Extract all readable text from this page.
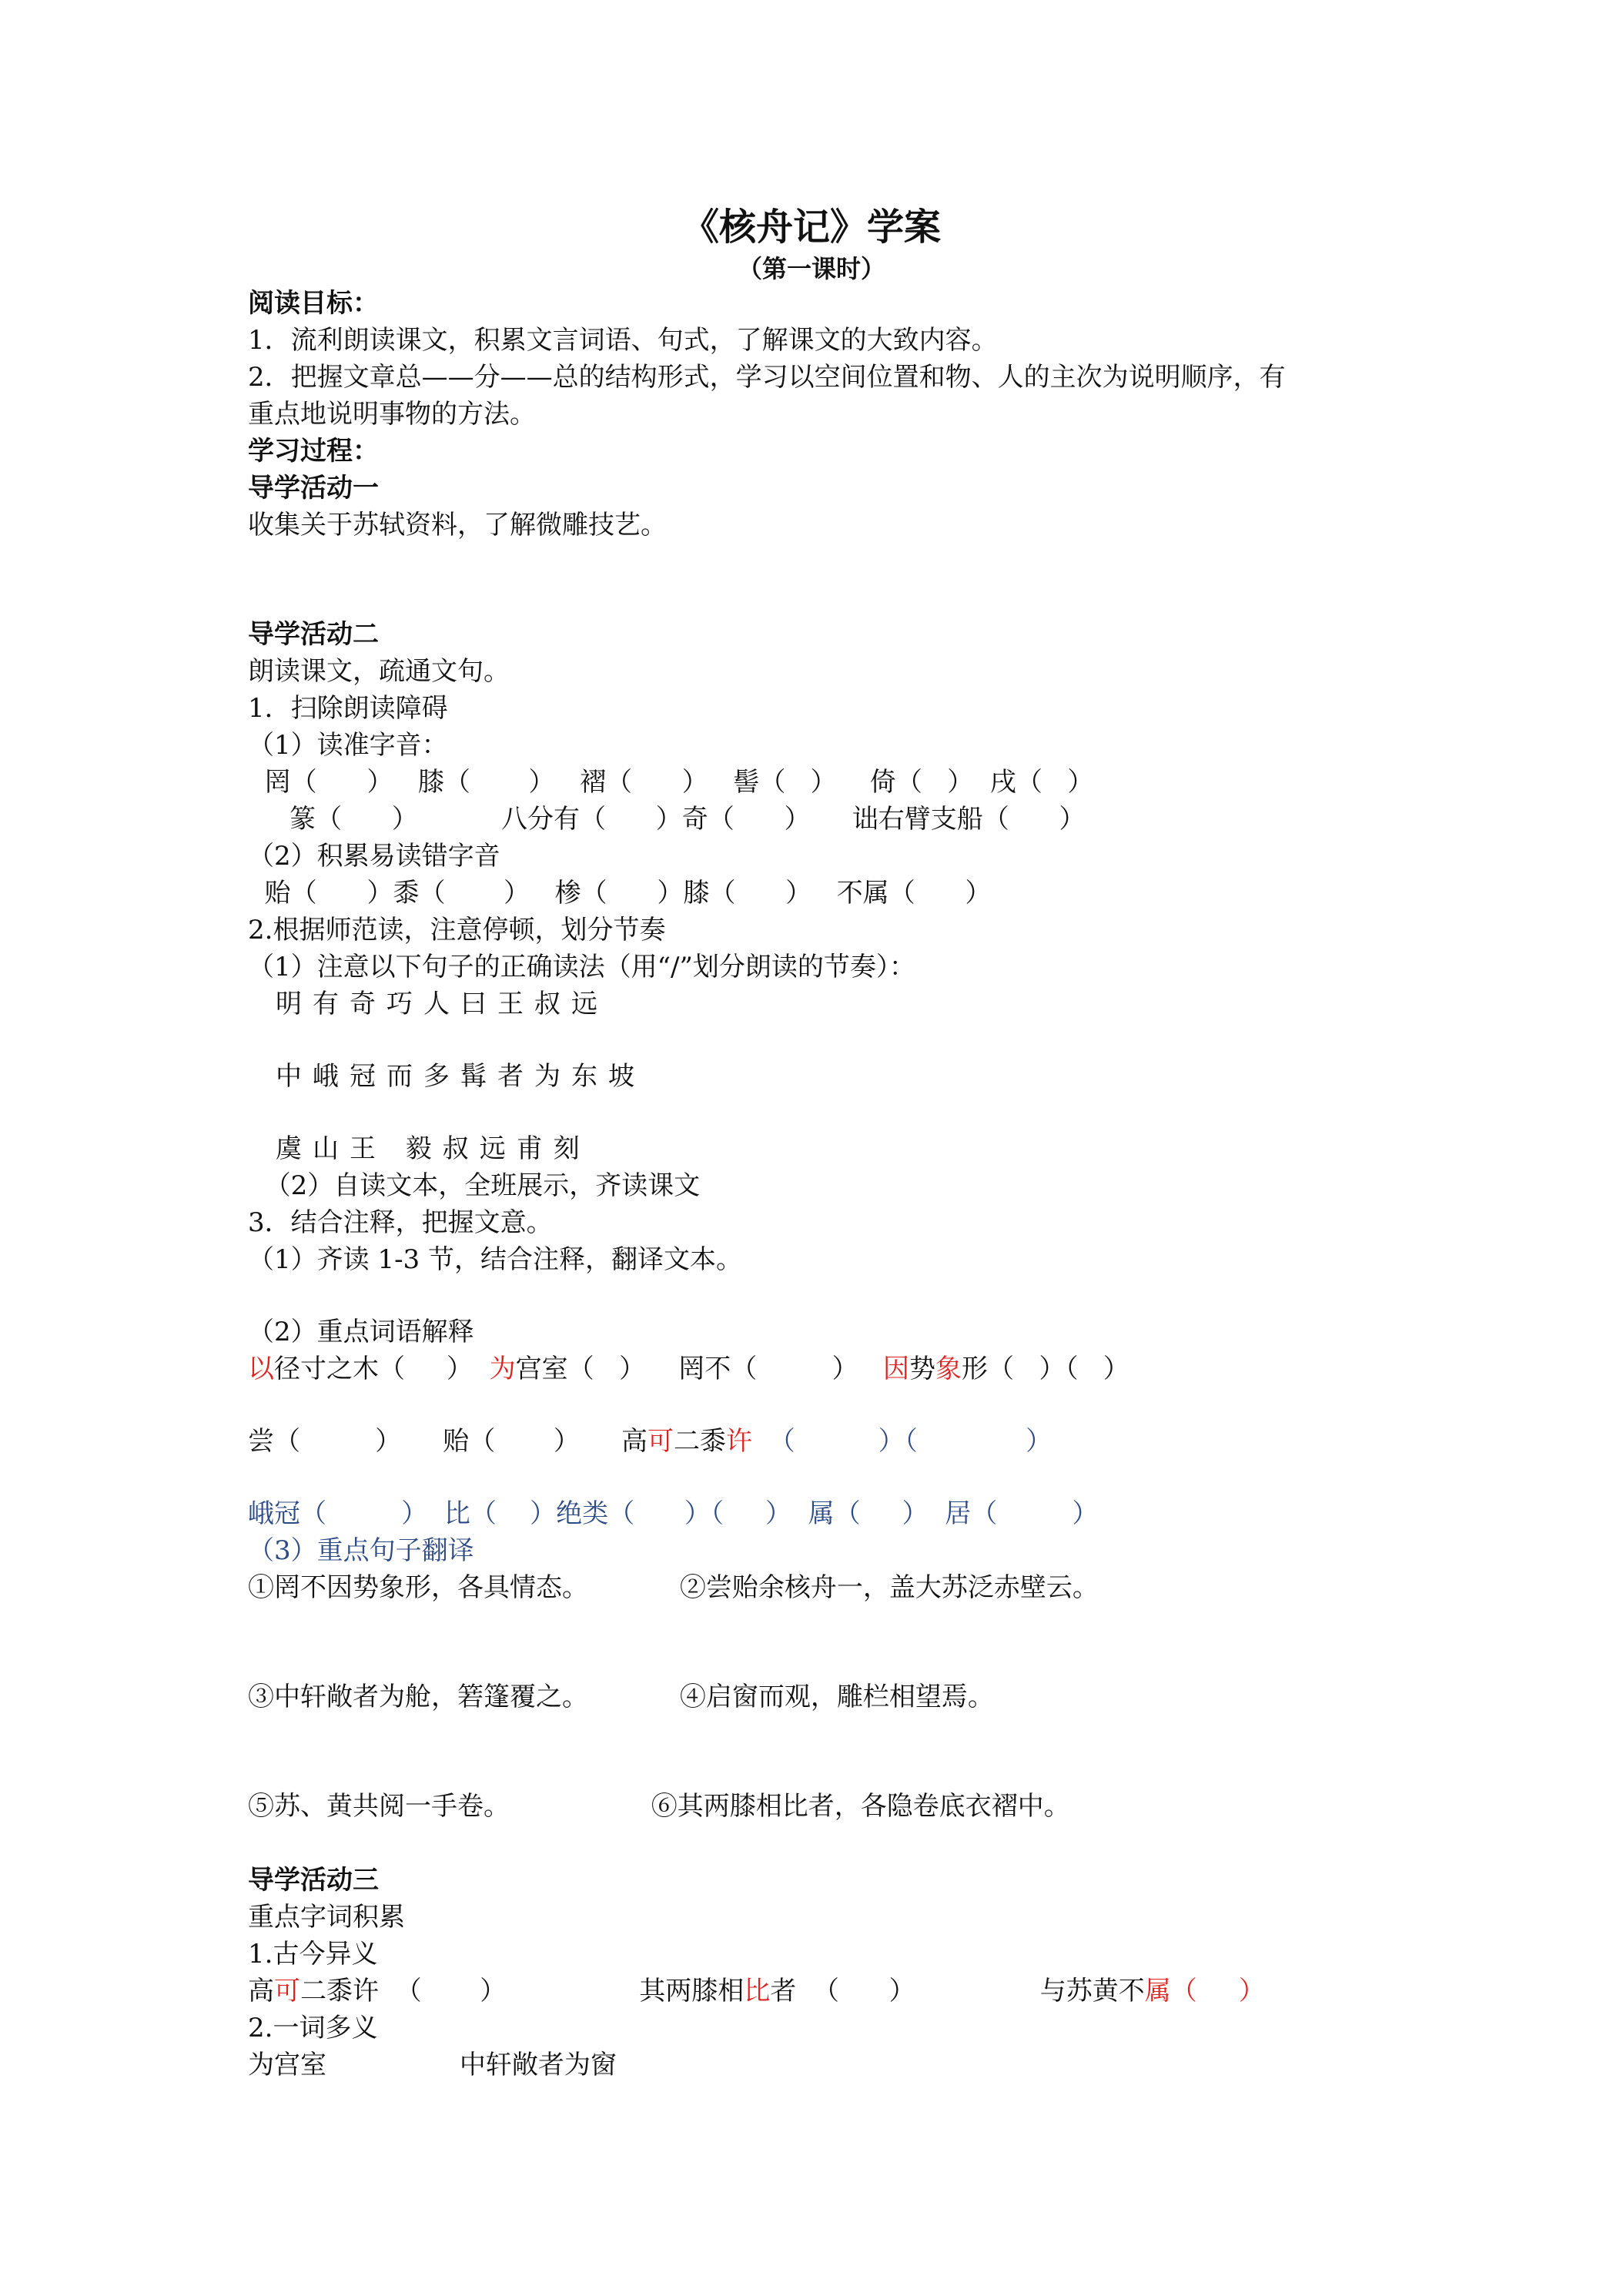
《核舟记》学案
（第一课时）
阅读目标：
1．流利朗读课文，积累文言词语、句式，了解课文的大致内容。
2．把握文章总——分——总的结构形式，学习以空间位置和物、人的主次为说明顺序，有
重点地说明事物的方法。
学习过程：
导学活动一
收集关于苏轼资料，了解微雕技艺。
导学活动二
朗读课文，疏通文句。
1．扫除朗读障碍
（1）读准字音：
罔（      ）   膝（       ）   褶（      ）   髻（   ）    倚（   ）  戌（   ）
篆（      ）          八分有（      ）奇（      ）     诎右臂支船（      ）
（2）积累易读错字音
贻（      ）黍（       ）   椮（      ）膝（      ）   不属（      ）
2.根据师范读，注意停顿，划分节奏
（1）注意以下句子的正确读法（用“/”划分朗读的节奏）：
明有奇巧人曰王叔远
中峨冠而多髯者为东坡
虞山王 毅叔远甫刻
（2）自读文本，全班展示，齐读课文
3．结合注释，把握文意。
（1）齐读 1-3 节，结合注释，翻译文本。
（2）重点词语解释
以径寸之木（     ）  为宫室（   ）    罔不（         ）   因势象形（   ）（   ）
尝（         ）     贻（       ）     高可二黍许  （          ）（             ）
峨冠（         ）  比（    ）绝类（      ）（     ）  属（     ）  居（         ）
（3）重点句子翻译
①罔不因势象形，各具情态。           ②尝贻余核舟一，盖大苏泛赤壁云。
③中轩敞者为舱，箬篷覆之。           ④启窗而观，雕栏相望焉。
⑤苏、黄共阅一手卷。                 ⑥其两膝相比者，各隐卷底衣褶中。
导学活动三
重点字词积累
1.古今异义
高可二黍许  （       ）                其两膝相比者  （      ）               与苏黄不属（     ）
2.一词多义
为宫室                中轩敞者为窗
